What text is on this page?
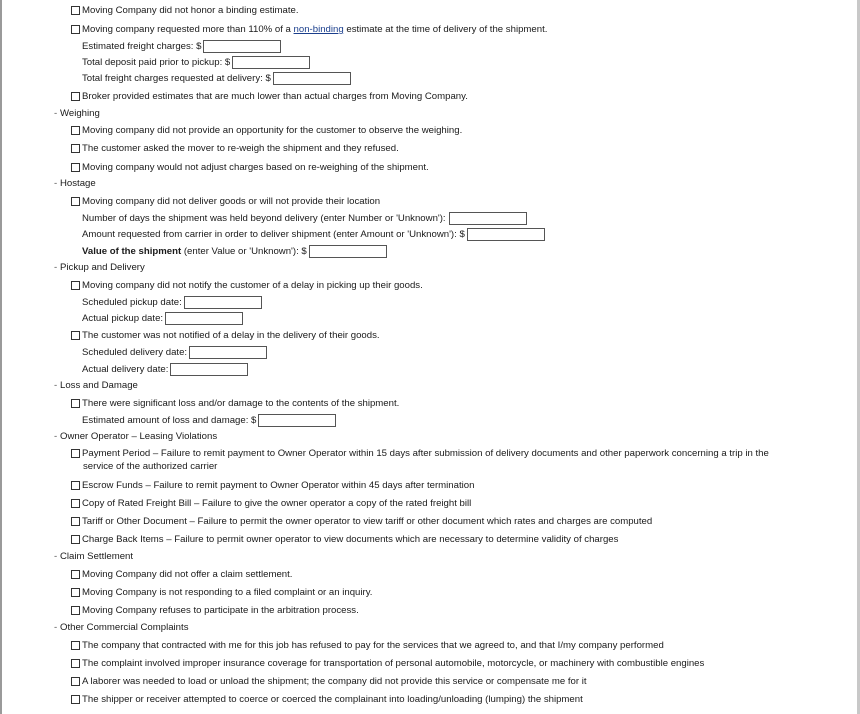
Moving Company did not honor a binding estimate.
Moving company requested more than 110% of a non-binding estimate at the time of delivery of the shipment.
Estimated freight charges: $
Total deposit paid prior to pickup: $
Total freight charges requested at delivery: $
Broker provided estimates that are much lower than actual charges from Moving Company.
- Weighing
Moving company did not provide an opportunity for the customer to observe the weighing.
The customer asked the mover to re-weigh the shipment and they refused.
Moving company would not adjust charges based on re-weighing of the shipment.
- Hostage
Moving company did not deliver goods or will not provide their location
Number of days the shipment was held beyond delivery (enter Number or 'Unknown'):
Amount requested from carrier in order to deliver shipment (enter Amount or 'Unknown'): $
Value of the shipment (enter Value or 'Unknown'): $
- Pickup and Delivery
Moving company did not notify the customer of a delay in picking up their goods.
Scheduled pickup date:
Actual pickup date:
The customer was not notified of a delay in the delivery of their goods.
Scheduled delivery date:
Actual delivery date:
- Loss and Damage
There were significant loss and/or damage to the contents of the shipment.
Estimated amount of loss and damage: $
- Owner Operator – Leasing Violations
Payment Period – Failure to remit payment to Owner Operator within 15 days after submission of delivery documents and other paperwork concerning a trip in the
service of the authorized carrier
Escrow Funds – Failure to remit payment to Owner Operator within 45 days after termination
Copy of Rated Freight Bill – Failure to give the owner operator a copy of the rated freight bill
Tariff or Other Document – Failure to permit the owner operator to view tariff or other document which rates and charges are computed
Charge Back Items – Failure to permit owner operator to view documents which are necessary to determine validity of charges
- Claim Settlement
Moving Company did not offer a claim settlement.
Moving Company is not responding to a filed complaint or an inquiry.
Moving Company refuses to participate in the arbitration process.
- Other Commercial Complaints
The company that contracted with me for this job has refused to pay for the services that we agreed to, and that I/my company performed
The complaint involved improper insurance coverage for transportation of personal automobile, motorcycle, or machinery with combustible engines
A laborer was needed to load or unload the shipment; the company did not provide this service or compensate me for it
The shipper or receiver attempted to coerce or coerced the complainant into loading/unloading (lumping) the shipment
